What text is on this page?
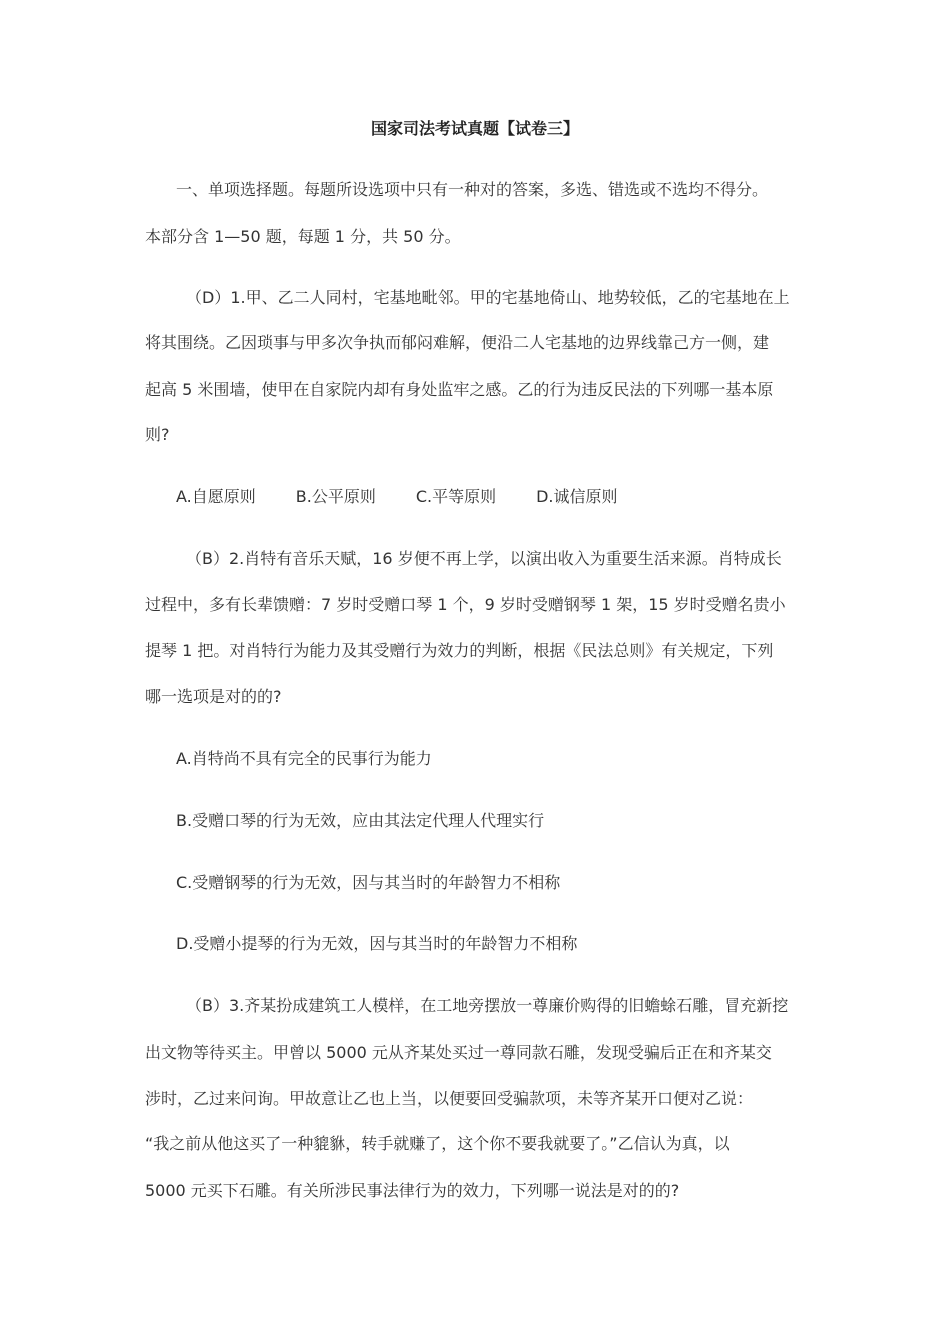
国家司法考试真题【试卷三】
一、单项选择题。每题所设选项中只有一种对的答案，多选、错选或不选均不得分。
本部分含 1—50 题，每题 1 分，共 50 分。
（D）1.甲、乙二人同村，宅基地毗邻。甲的宅基地倚山、地势较低，乙的宅基地在上
将其围绕。乙因琐事与甲多次争执而郁闷难解，便沿二人宅基地的边界线靠己方一侧，建
起高 5 米围墙，使甲在自家院内却有身处监牢之感。乙的行为违反民法的下列哪一基本原
则?
A.自愿原则	B.公平原则	C.平等原则	D.诚信原则
（B）2.肖特有音乐天赋，16 岁便不再上学，以演出收入为重要生活来源。肖特成长
过程中，多有长辈馈赠：7 岁时受赠口琴 1 个，9 岁时受赠钢琴 1 架，15 岁时受赠名贵小
提琴 1 把。对肖特行为能力及其受赠行为效力的判断，根据《民法总则》有关规定，下列
哪一选项是对的的?
A.肖特尚不具有完全的民事行为能力
B.受赠口琴的行为无效，应由其法定代理人代理实行
C.受赠钢琴的行为无效，因与其当时的年龄智力不相称
D.受赠小提琴的行为无效，因与其当时的年龄智力不相称
（B）3.齐某扮成建筑工人模样，在工地旁摆放一尊廉价购得的旧蟾蜍石雕，冒充新挖
出文物等待买主。甲曾以 5000 元从齐某处买过一尊同款石雕，发现受骗后正在和齐某交
涉时，乙过来问询。甲故意让乙也上当，以便要回受骗款项，未等齐某开口便对乙说：
“我之前从他这买了一种貔貅，转手就赚了，这个你不要我就要了。”乙信认为真，以
5000 元买下石雕。有关所涉民事法律行为的效力，下列哪一说法是对的的?
